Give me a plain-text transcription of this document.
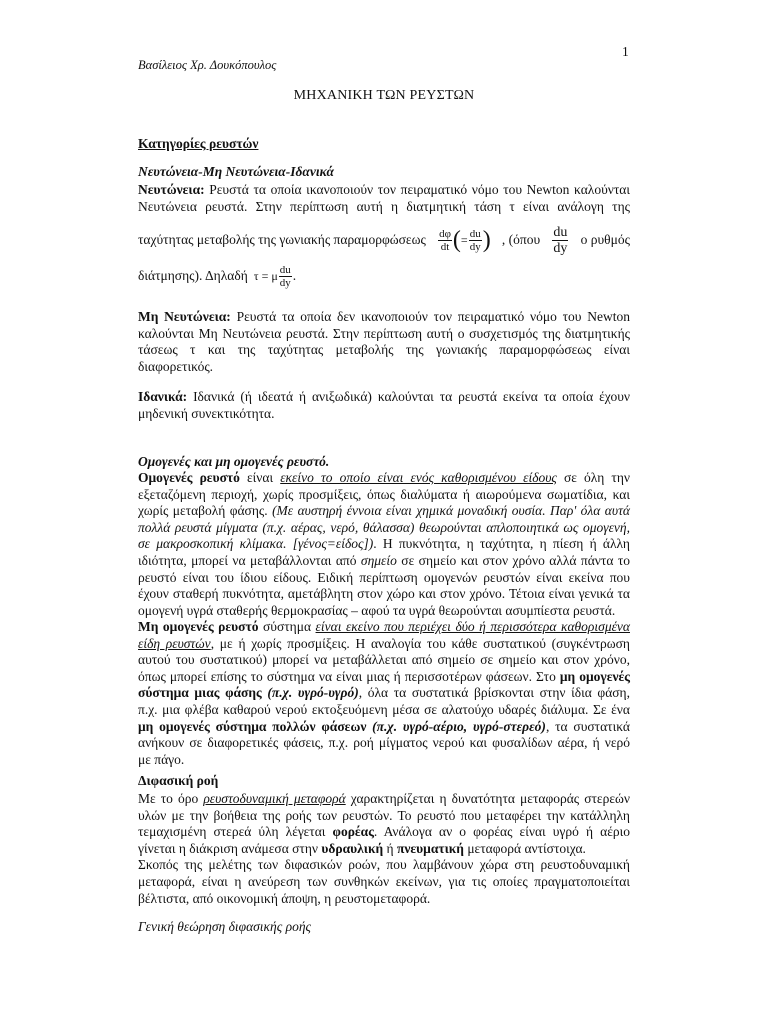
1
Βασίλειος Χρ. Δουκόπουλος
ΜΗΧΑΝΙΚΗ ΤΩΝ ΡΕΥΣΤΩΝ
Κατηγορίες ρευστών
Νευτώνεια-Μη Νευτώνεια-Ιδανικά
Νευτώνεια: Ρευστά τα οποία ικανοποιούν τον πειραματικό νόμο του Newton καλούνται
Νευτώνεια ρευστά. Στην περίπτωση αυτή η διατμητική τάση τ είναι ανάλογη της
ταχύτητας μεταβολής της γωνιακής παραμορφώσεως $\frac{d\varphi}{dt}$ ( = $\frac{du}{dy}$ ) , ($ό\pi o\upsilon \frac{du}{dy}$ ο ρυθμός
διάτμησης). Δηλαδή τ = μ $\frac{du}{dy}$ .
Μη Νευτώνεια: Ρευστά τα οποία δεν ικανοποιούν τον πειραματικό νόμο του Newton
καλούνται Μη Νευτώνεια ρευστά. Στην περίπτωση αυτή ο συσχετισμός της διατμητικής
τάσεως τ και της ταχύτητας μεταβολής της γωνιακής παραμορφώσεως είναι
διαφορετικός.
Ιδανικά: Ιδανικά (ή ιδεατά ή ανιξωδικά) καλούνται τα ρευστά εκείνα τα οποία έχουν
μηδενική συνεκτικότητα.
Ομογενές και μη ομογενές ρευστό.
Ομογενές ρευστό είναι εκείνο το οποίο είναι ενός καθορισμένου είδους σε όλη την
εξεταζόμενη περιοχή, χωρίς προσμίξεις, όπως διαλύματα ή αιωρούμενα σωματίδια, και
χωρίς μεταβολή φάσης. (Με αυστηρή έννοια είναι χημικά μοναδική ουσία. Παρ' όλα αυτά
πολλά ρευστά μίγματα (π.χ. αέρας, νερό, θάλασσα) θεωρούνται απλοποιητικά ως ομογενή,
σε μακροσκοπική κλίμακα. [γένος=είδος]). Η πυκνότητα, η ταχύτητα, η πίεση ή άλλη
ιδιότητα, μπορεί να μεταβάλλονται από σημείο σε σημείο και στον χρόνο αλλά πάντα το
ρευστό είναι του ίδιου είδους. Ειδική περίπτωση ομογενών ρευστών είναι εκείνα που
έχουν σταθερή πυκνότητα, αμετάβλητη στον χώρο και στον χρόνο. Τέτοια είναι γενικά τα
ομογενή υγρά σταθερής θερμοκρασίας – αφού τα υγρά θεωρούνται ασυμπίεστα ρευστά.
Μη ομογενές ρευστό σύστημα είναι εκείνο που περιέχει δύο ή περισσότερα καθορισμένα
είδη ρευστών, με ή χωρίς προσμίξεις. Η αναλογία του κάθε συστατικού (συγκέντρωση
αυτού του συστατικού) μπορεί να μεταβάλλεται από σημείο σε σημείο και στον χρόνο,
όπως μπορεί επίσης το σύστημα να είναι μιας ή περισσοτέρων φάσεων. Στο μη ομογενές
σύστημα μιας φάσης (π.χ. υγρό-υγρό), όλα τα συστατικά βρίσκονται στην ίδια φάση,
π.χ. μια φλέβα καθαρού νερού εκτοξευόμενη μέσα σε αλατούχο υδαρές διάλυμα. Σε ένα
μη ομογενές σύστημα πολλών φάσεων (π.χ. υγρό-αέριο, υγρό-στερεό), τα συστατικά
ανήκουν σε διαφορετικές φάσεις, π.χ. ροή μίγματος νερού και φυσαλίδων αέρα, ή νερό
με πάγο.
Διφασική ροή
Με το όρο ρευστοδυναμική μεταφορά χαρακτηρίζεται η δυνατότητα μεταφοράς στερεών
υλών με την βοήθεια της ροής των ρευστών. Το ρευστό που μεταφέρει την κατάλληλη
τεμαχισμένη στερεά ύλη λέγεται φορέας. Ανάλογα αν ο φορέας είναι υγρό ή αέριο
γίνεται η διάκριση ανάμεσα στην υδραυλική ή πνευματική μεταφορά αντίστοιχα.
Σκοπός της μελέτης των διφασικών ροών, που λαμβάνουν χώρα στη ρευστοδυναμική
μεταφορά, είναι η ανεύρεση των συνθηκών εκείνων, για τις οποίες πραγματοποιείται
βέλτιστα, από οικονομική άποψη, η ρευστομεταφορά.
Γενική θεώρηση διφασικής ροής
